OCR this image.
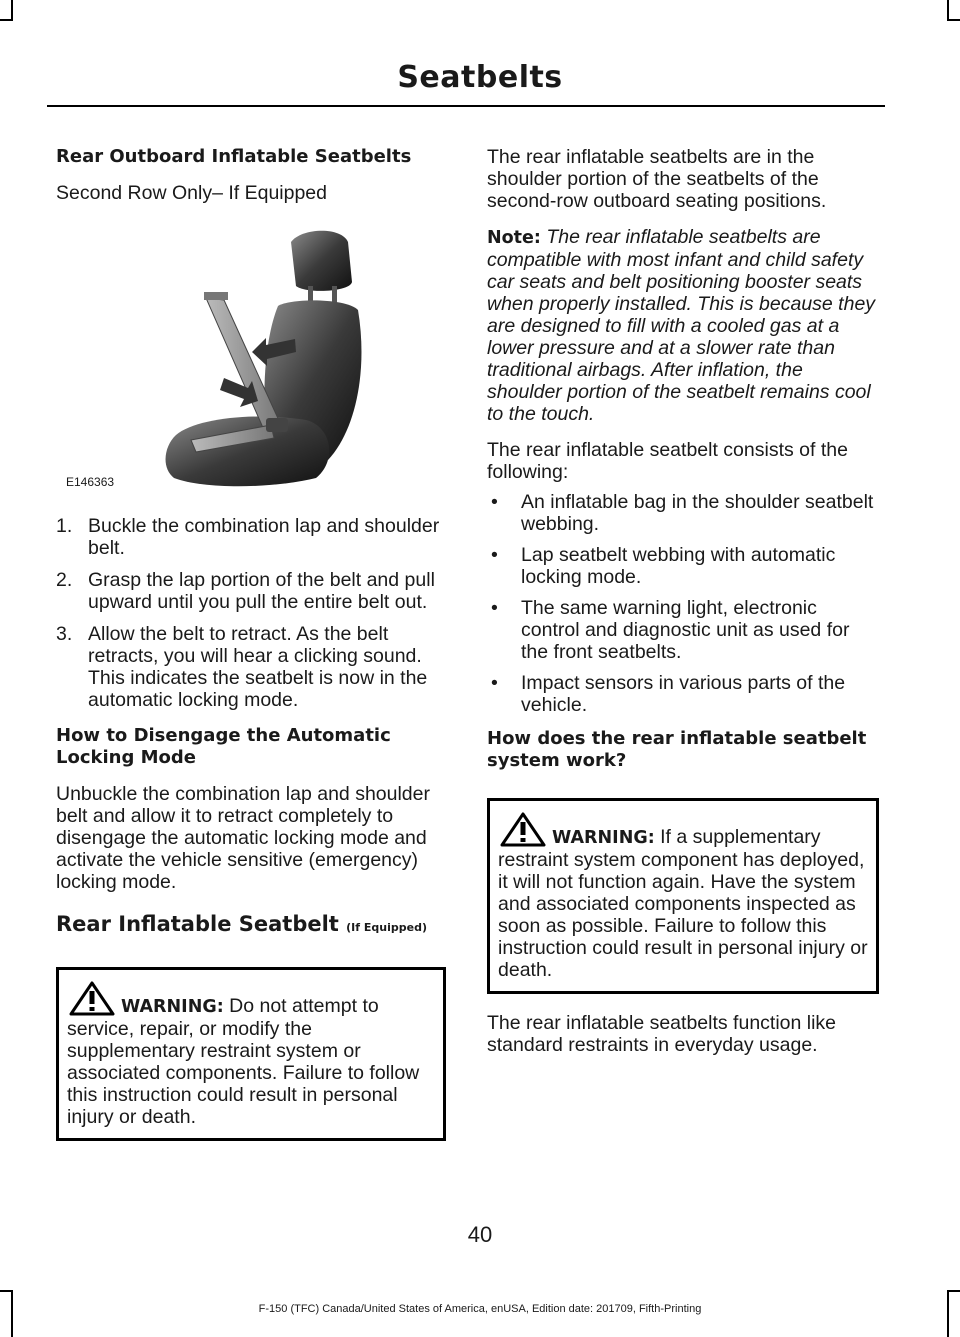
Seatbelts
Rear Outboard Inflatable Seatbelts

Second Row Only– If Equipped

E146363
1. Buckle the combination lap and shoulder belt.
2. Grasp the lap portion of the belt and pull upward until you pull the entire belt out.
3. Allow the belt to retract. As the belt retracts, you will hear a clicking sound. This indicates the seatbelt is now in the automatic locking mode.
How to Disengage the Automatic Locking Mode

Unbuckle the combination lap and shoulder belt and allow it to retract completely to disengage the automatic locking mode and activate the vehicle sensitive (emergency) locking mode.

Rear Inflatable Seatbelt (If Equipped)
WARNING: Do not attempt to service, repair, or modify the supplementary restraint system or associated components. Failure to follow this instruction could result in personal injury or death.

The rear inflatable seatbelts are in the shoulder portion of the seatbelts of the second-row outboard seating positions.

Note: The rear inflatable seatbelts are compatible with most infant and child safety car seats and belt positioning booster seats when properly installed. This is because they are designed to fill with a cooled gas at a lower pressure and at a slower rate than traditional airbags. After inflation, the shoulder portion of the seatbelt remains cool to the touch.

The rear inflatable seatbelt consists of the following:

• An inflatable bag in the shoulder seatbelt webbing.
• Lap seatbelt webbing with automatic locking mode.
• The same warning light, electronic control and diagnostic unit as used for the front seatbelts.
• Impact sensors in various parts of the vehicle.
How does the rear inflatable seatbelt system work?
WARNING: If a supplementary restraint system component has deployed, it will not function again. Have the system and associated components inspected as soon as possible. Failure to follow this instruction could result in personal injury or death.

The rear inflatable seatbelts function like standard restraints in everyday usage.

40
F-150 (TFC) Canada/United States of America, enUSA, Edition date: 201709, Fifth-Printing
